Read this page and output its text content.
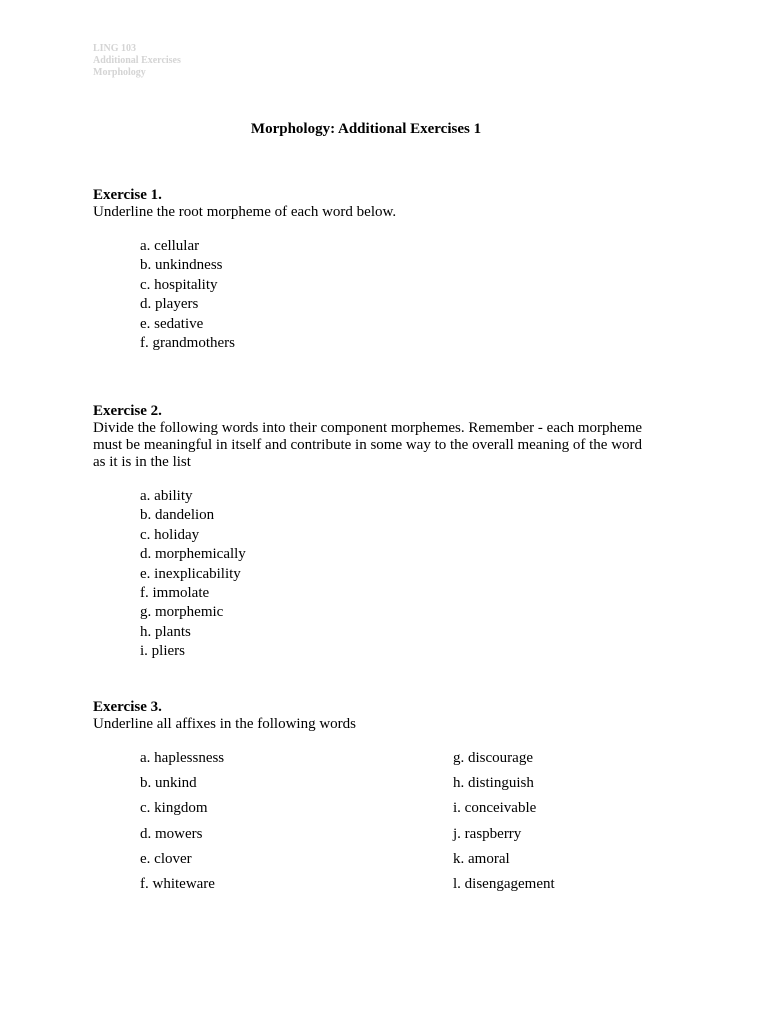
LING 103
Additional Exercises
Morphology
Morphology: Additional Exercises 1
Exercise 1.
Underline the root morpheme of each word below.
a. cellular
b. unkindness
c. hospitality
d. players
e. sedative
f. grandmothers
Exercise 2.
Divide the following words into their component morphemes. Remember - each morpheme
must be meaningful in itself and contribute in some way to the overall meaning of the word
as it is in the list
a. ability
b. dandelion
c. holiday
d. morphemically
e. inexplicability
f. immolate
g. morphemic
h. plants
i. pliers
Exercise 3.
Underline all affixes in the following words
a. haplessness
b. unkind
c. kingdom
d. mowers
e. clover
f. whiteware
g. discourage
h. distinguish
i. conceivable
j. raspberry
k. amoral
l. disengagement
